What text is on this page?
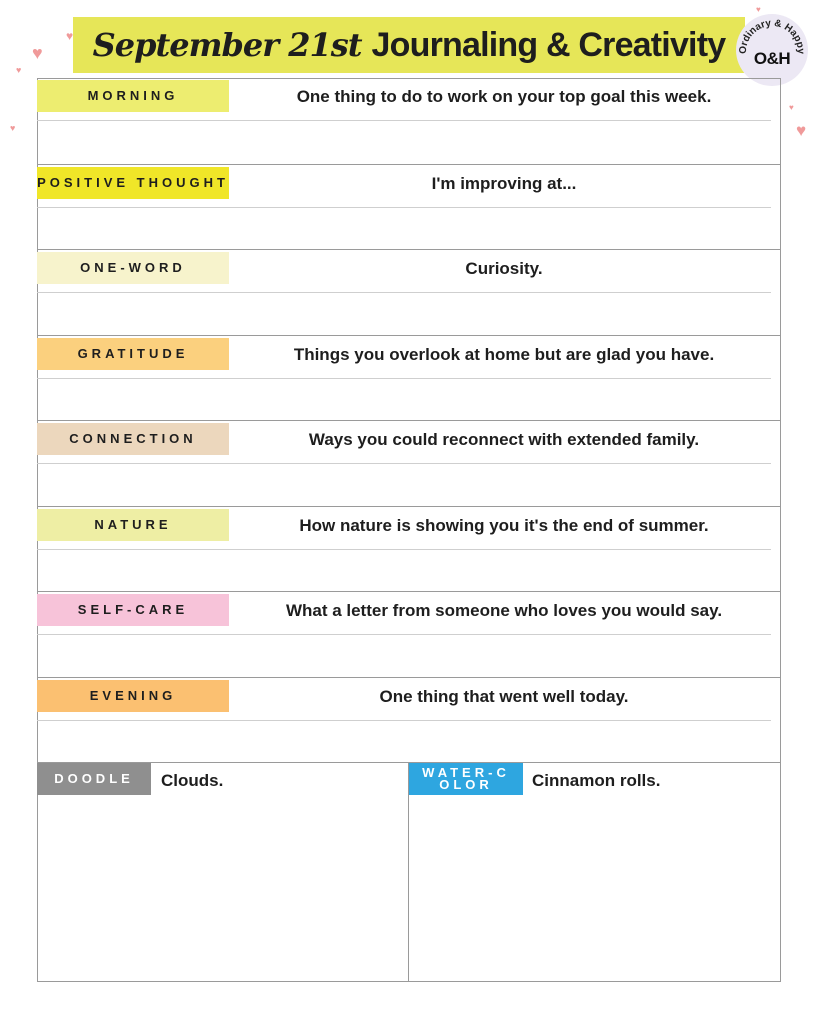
♥
♥
♥
♥	♥
♥
♥
September 21st Journaling & Creativity Ordinary & Happy
O&H
MORNING	One thing to do to work on your top goal this week.
POSITIVE THOUGHT	I'm improving at...
ONE-WORD	Curiosity.
GRATITUDE	Things you overlook at home but are glad you have.
CONNECTION	Ways you could reconnect with extended family.
NATURE	How nature is showing you it's the end of summer.
SELF-CARE	What a letter from someone who loves you would say.
EVENING	One thing that went well today.
DOODLE	Clouds.	WATER-COLOR	Cinnamon rolls.
